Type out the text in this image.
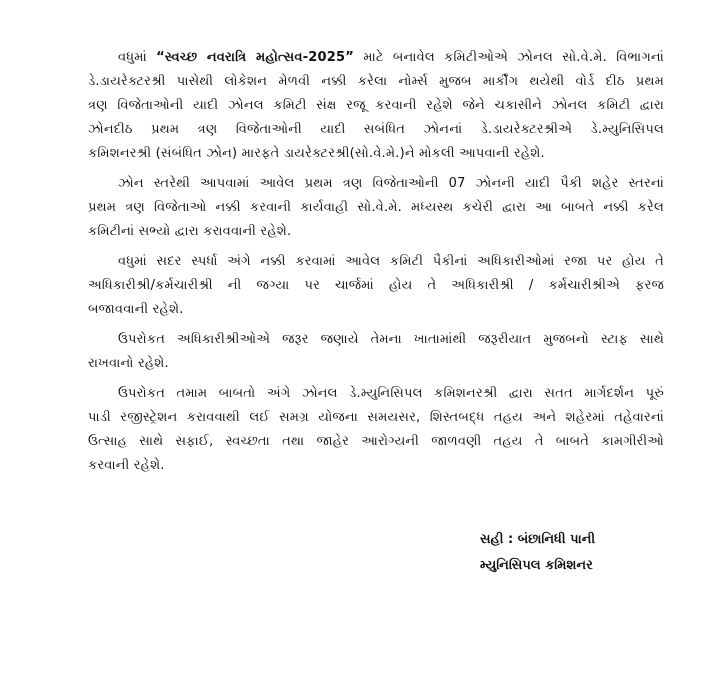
વધુમાં “સ્વચ્છ નવરાત્રિ મહોત્સવ-2025” માટે બનાવેલ કમિટીઓએ ઝોનલ સો.વે.મે. વિભાગનાં
ડે.ડાયરેક્ટરશ્રી પાસેથી લોકેશન મેળવી નક્કી કરેલા નોર્મ્સ મુજબ માર્કીંગ થયેથી વોર્ડ દીઠ પ્રથમ
ત્રણ વિજેતાઓની યાદી ઝોનલ કમિટી સંક્ષ રજૂ કરવાની રહેશે જેને ચકાસીને ઝોનલ કમિટી દ્વારા
ઝોનદીઠ પ્રથમ ત્રણ વિજેતાઓની યાદી સબંધિત ઝોનનાં ડે.ડાયરેક્ટરશ્રીએ ડે.મ્યુનિસિપલ
કમિશનરશ્રી (સંબંધિત ઝોન) મારફતે ડાયરેક્ટરશ્રી(સો.વે.મે.)ને મોકલી આપવાની રહેશે.
ઝોન સ્તરેથી આપવામાં આવેલ પ્રથમ ત્રણ વિજેતાઓની 07 ઝોનની યાદી પૈકી શહેર સ્તરનાં
પ્રથમ ત્રણ વિજેતાઓ નક્કી કરવાની કાર્યવાહી સો.વે.મે. મધ્યસ્થ કચેરી દ્વારા આ બાબતે નક્કી કરેલ
કમિટીનાં સભ્યો દ્વારા કરાવવાની રહેશે.
વધુમાં સદર સ્પર્ધા અંગે નક્કી કરવામાં આવેલ કમિટી પૈકીનાં અધિકારીઓમાં રજા પર હોય તે
અધિકારીશ્રી/કર્મચારીશ્રી ની જગ્યા પર ચાર્જમાં હોય તે અધિકારીશ્રી / કર્મચારીશ્રીએ ફરજ
બજાવવાની રહેશે.
ઉપરોકત અધિકારીશ્રીઓએ જરૂર જણાયે તેમના ખાતામાંથી જરૂરીયાત મુજબનો સ્ટાફ સાથે
રાખવાનો રહેશે.
ઉપરોકત તમામ બાબતો અંગે ઝોનલ ડે.મ્યુનિસિપલ કમિશનરશ્રી દ્વારા સતત માર્ગદર્શન પૂરું
પાડી રજીસ્ટ્રેશન કરાવવાથી લઈ સમગ્ર યોજના સમયસર, શિસ્તબદ્ધ તહય અને શહેરમાં તહેવારનાં
ઉત્સાહ સાથે સફાઈ, સ્વચ્છતા તથા જાહેર આરોગ્યની જાળવણી તહય તે બાબતે કામગીરીઓ
કરવાની રહેશે.
સહી : બંછાનિધી પાની
મ્યુનિસિપલ કમિશનર
